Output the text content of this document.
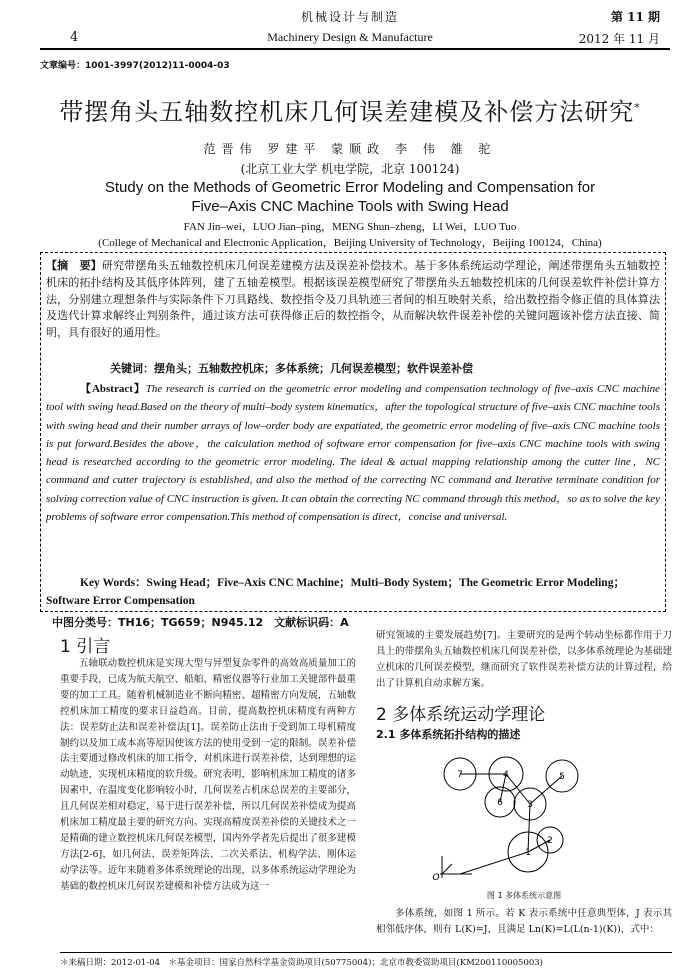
机械设计与制造	第 11 期
4	Machinery Design & Manufacture	2012 年 11 月
文章编号：1001-3997(2012)11-0004-03
带摆角头五轴数控机床几何误差建模及补偿方法研究*
范晋伟 罗建平 蒙顺政 李 伟 雒 驼
(北京工业大学 机电学院，北京 100124)
Study on the Methods of Geometric Error Modeling and Compensation for
Five–Axis CNC Machine Tools with Swing Head
FAN Jin–wei，LUO Jian–ping，MENG Shun–zheng，LI Wei，LUO Tuo
(College of Mechanical and Electronic Application，Beijing University of Technology，Beijing 100124，China)
【摘　要】研究带摆角头五轴数控机床几何误差建模方法及误差补偿技术。基于多体系统运动学理论，阐述带摆角头五轴数控机床的拓扑结构及其低序体阵列，建了五轴差模型。根据该误差模型研究了带摆角头五轴数控机床的几何误差软件补偿计算方法，分别建立理想条件与实际条件下刀具路线、数控指令及刀具轨迹三者间的相互映射关系，给出数控指令修正值的具体算法及迭代计算求解终止判别条件，通过该方法可获得修正后的数控指令，从而解决软件误差补偿的关键问题该补偿方法直接、简明，具有很好的通用性。
关键词：摆角头；五轴数控机床；多体系统；几何误差模型；软件误差补偿
【Abstract】The research is carried on the geometric error modeling and compensation technology of five–axis CNC machine tool with swing head.Based on the theory of multi–body system kinematics，after the topological structure of five–axis CNC machine tools with swing head and their number arrays of low–order body are expatiated, the geometric error modeling of five–axis CNC machine tools is put forward.Besides the above，the calculation method of software error compensation for five–axis CNC machine tools with swing head is researched according to the geometric error modeling. The ideal & actual mapping relationship among the cutter line，NC command and cutter trajectory is established, and also the method of the correcting NC command and Iterative terminate condition for solving correction value of CNC instruction is given. It can obtain the correcting NC command through this method，so as to solve the key problems of software error compensation.This method of compensation is direct，concise and universal.
Key Words：Swing Head；Five–Axis CNC Machine；Multi–Body System；The Geometric Error Modeling；Software Error Compensation
中图分类号：TH16；TG659；N945.12　文献标识码：A
1 引言
五轴联动数控机床是实现大型与异型复杂零件的高效高质量加工的重要手段，已成为航天航空、船舶、精密仪器等行业加工关键部件最重要的加工工具。随着机械制造业不断向精密、超精密方向发展，五轴数控机床加工精度的要求日益趋高。目前，提高数控机床精度有两种方法：误差防止法和误差补偿法[1]。误差防止法由于受到加工母机精度制约以及加工成本高等原因使该方法的使用受到一定的限制。误差补偿法主要通过修改机床的加工指令，对机床进行误差补偿，达到理想的运动轨迹，实现机床精度的软升级。研究表明，影响机床加工精度的诸多因素中，在温度变化影响较小时，几何误差占机床总误差的主要部分，且几何误差相对稳定，易于进行误差补偿，所以几何误差补偿成为提高机床加工精度最主要的研究方向。实现高精度误差补偿的关键技术之一是精确的建立数控机床几何误差模型，国内外学者先后提出了很多建模方法[2-6]，如几何法、误差矩阵法、二次关系法、机构学法、刚体运动学法等。近年来随着多体系统理论的出现，以多体系统运动学理论为基础的数控机床几何误差建模和补偿方法成为这一
研究领域的主要发展趋势[7]。主要研究的是两个转动坐标都作用于刀具上的带摆角头五轴数控机床几何误差补偿，以多体系统理论为基础建立机床的几何误差模型，继而研究了软件误差补偿方法的计算过程，给出了计算机自动求解方案。
2 多体系统运动学理论
2.1 多体系统拓扑结构的描述
1
2
3
4	5
6
7
O
图 1 多体系统示意图
多体系统，如图 1 所示。若 K 表示系统中任意典型体，J 表示其相邻低序体，则有 L(K)=J，且满足 Ln(K)=L(L(n-1)(K))，式中：
＊来稿日期：2012-01-04　＊基金项目：国家自然科学基金资助项目(50775004)；北京市教委资助项目(KM200110005003)
